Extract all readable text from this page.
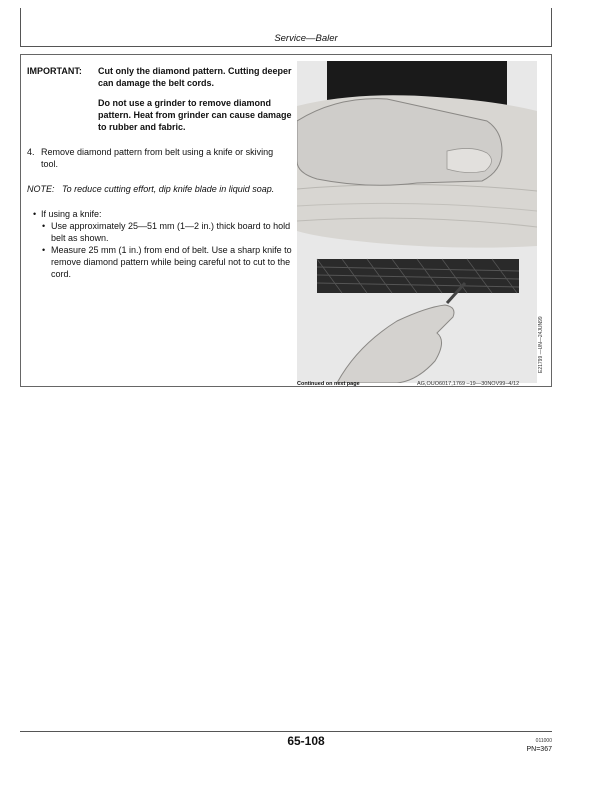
Service—Baler
IMPORTANT:	Cut only the diamond pattern. Cutting deeper can damage the belt cords.

Do not use a grinder to remove diamond pattern. Heat from grinder can cause damage to rubber and fabric.

4. Remove diamond pattern from belt using a knife or skiving tool.
NOTE: To reduce cutting effort, dip knife blade in liquid soap.
• If using a knife:
• Use approximately 25—51 mm (1—2 in.) thick board to hold belt as shown.
• Measure 25 mm (1 in.) from end of belt. Use a sharp knife to remove diamond pattern while being careful not to cut to the cord.
E21799 —UN—24JUN99
Continued on next page	AG,OUO6017,1769 –19—30NOV99–4/12
65-108	011000
PN=367
